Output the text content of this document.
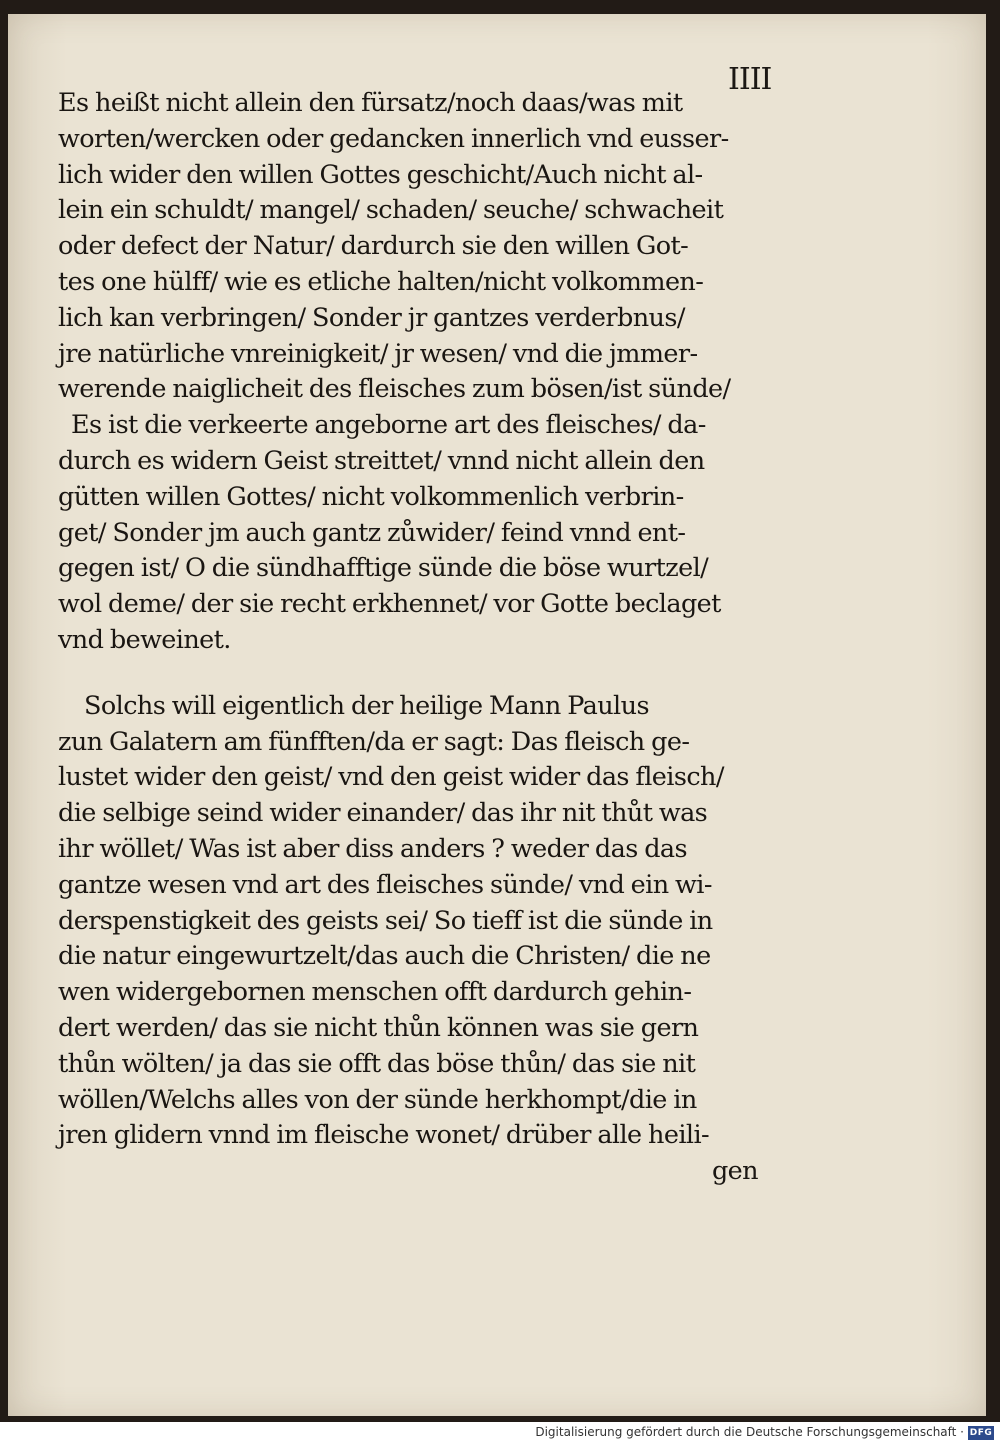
IIII
Es heißt nicht allein den fürsatz/noch daas/was mit
worten/wercken oder gedancken innerlich vnd eusser-
lich wider den willen Gottes geschicht/Auch nicht al-
lein ein schuldt/ mangel/ schaden/ seuche/ schwacheit
oder defect der Natur/ dardurch sie den willen Got-
tes one hülff/ wie es etliche halten/nicht volkommen-
lich kan verbringen/ Sonder jr gantzes verderbnus/
jre natürliche vnreinigkeit/ jr wesen/ vnd die jmmer-
werende naiglicheit des fleisches zum bösen/ist sünde/
Es ist die verkeerte angeborne art des fleisches/ da-
durch es widern Geist streittet/ vnnd nicht allein den
gütten willen Gottes/ nicht volkommenlich verbrin-
get/ Sonder jm auch gantz zůwider/ feind vnnd ent-
gegen ist/ O die sündhafftige sünde die böse wurtzel/
wol deme/ der sie recht erkhennet/ vor Gotte beclaget
vnd beweinet.
Solchs will eigentlich der heilige Mann Paulus
zun Galatern am fünfften/da er sagt: Das fleisch ge-
lustet wider den geist/ vnd den geist wider das fleisch/
die selbige seind wider einander/ das ihr nit thůt was
ihr wöllet/ Was ist aber diss anders ? weder das das
gantze wesen vnd art des fleisches sünde/ vnd ein wi-
derspenstigkeit des geists sei/ So tieff ist die sünde in
die natur eingewurtzelt/das auch die Christen/ die ne
wen widergebornen menschen offt dardurch gehin-
dert werden/ das sie nicht thůn können was sie gern
thůn wölten/ ja das sie offt das böse thůn/ das sie nit
wöllen/Welchs alles von der sünde herkhompt/die in
jren glidern vnnd im fleische wonet/ drüber alle heili-
gen
Digitalisierung gefördert durch die Deutsche Forschungsgemeinschaft · DFG
